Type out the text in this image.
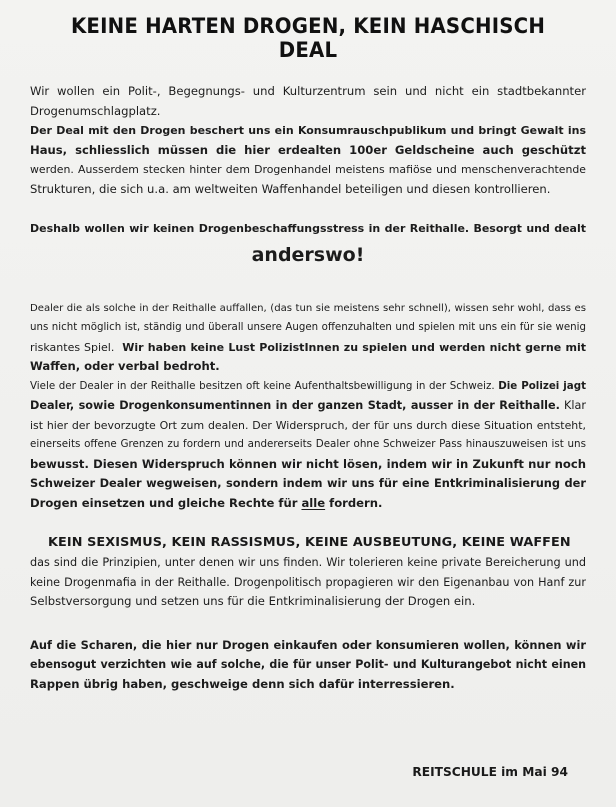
KEINE HARTEN DROGEN, KEIN HASCHISCH DEAL

Wir wollen ein Polit-, Begegnungs- und Kulturzentrum sein und nicht ein stadtbekannter
Drogenumschlagplatz.

Der Deal mit den Drogen beschert uns ein Konsumrauschpublikum und bringt Gewalt ins
Haus, schliesslich müssen die hier erdealten 100er Geldscheine auch geschützt
werden. Ausserdem stecken hinter dem Drogenhandel meistens mafiöse und menschenverachtende
Strukturen, die sich u.a. am weltweiten Waffenhandel beteiligen und diesen kontrollieren.

Deshalb wollen wir keinen Drogenbeschaffungsstress in der Reithalle. Besorgt und dealt
anderswo!

Dealer die als solche in der Reithalle auffallen, (das tun sie meistens sehr schnell), wissen sehr wohl, dass es
uns nicht möglich ist, ständig und überall unsere Augen offenzuhalten und spielen mit uns ein für sie wenig
riskantes Spiel. Wir haben keine Lust PolizistInnen zu spielen und werden nicht gerne mit
Waffen, oder verbal bedroht.

Viele der Dealer in der Reithalle besitzen oft keine Aufenthaltsbewilligung in der Schweiz. Die Polizei jagt
Dealer, sowie Drogenkonsumentinnen in der ganzen Stadt, ausser in der Reithalle. Klar
ist hier der bevorzugte Ort zum dealen. Der Widerspruch, der für uns durch diese Situation entsteht,
einerseits offene Grenzen zu fordern und andererseits Dealer ohne Schweizer Pass hinauszuweisen ist uns
bewusst. Diesen Widerspruch können wir nicht lösen, indem wir in Zukunft nur noch
Schweizer Dealer wegweisen, sondern indem wir uns für eine Entkriminalisierung der
Drogen einsetzen und gleiche Rechte für alle fordern.

KEIN SEXISMUS, KEIN RASSISMUS, KEINE AUSBEUTUNG, KEINE WAFFEN

das sind die Prinzipien, unter denen wir uns finden. Wir tolerieren keine private Bereicherung und
keine Drogenmafia in der Reithalle. Drogenpolitisch propagieren wir den Eigenanbau von Hanf zur
Selbstversorgung und setzen uns für die Entkriminalisierung der Drogen ein.

Auf die Scharen, die hier nur Drogen einkaufen oder konsumieren wollen, können wir
ebensogut verzichten wie auf solche, die für unser Polit- und Kulturangebot nicht einen
Rappen übrig haben, geschweige denn sich dafür interressieren.

REITSCHULE im Mai 94
